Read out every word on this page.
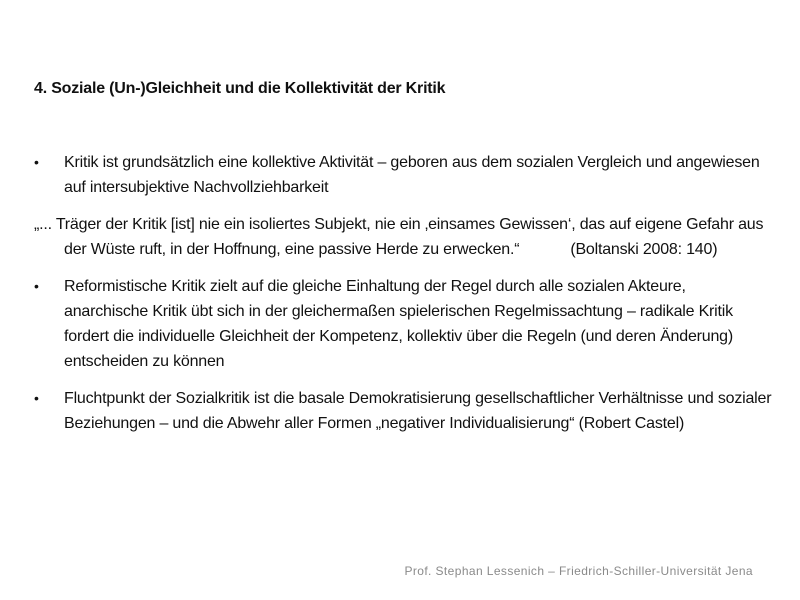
4. Soziale (Un-)Gleichheit und die Kollektivität der Kritik
• Kritik ist grundsätzlich eine kollektive Aktivität – geboren aus dem sozialen Vergleich und angewiesen auf intersubjektive Nachvollziehbarkeit
„... Träger der Kritik [ist] nie ein isoliertes Subjekt, nie ein ‚einsames Gewissen‘, das auf eigene Gefahr aus der Wüste ruft, in der Hoffnung, eine passive Herde zu erwecken.“            (Boltanski 2008: 140)
• Reformistische Kritik zielt auf die gleiche Einhaltung der Regel durch alle sozialen Akteure, anarchische Kritik übt sich in der gleichermaßen spielerischen Regelmissachtung – radikale Kritik fordert die individuelle Gleichheit der Kompetenz, kollektiv über die Regeln (und deren Änderung) entscheiden zu können
• Fluchtpunkt der Sozialkritik ist die basale Demokratisierung gesellschaftlicher Verhältnisse und sozialer Beziehungen – und die Abwehr aller Formen „negativer Individualisierung“ (Robert Castel)
Prof. Stephan Lessenich – Friedrich-Schiller-Universität Jena
